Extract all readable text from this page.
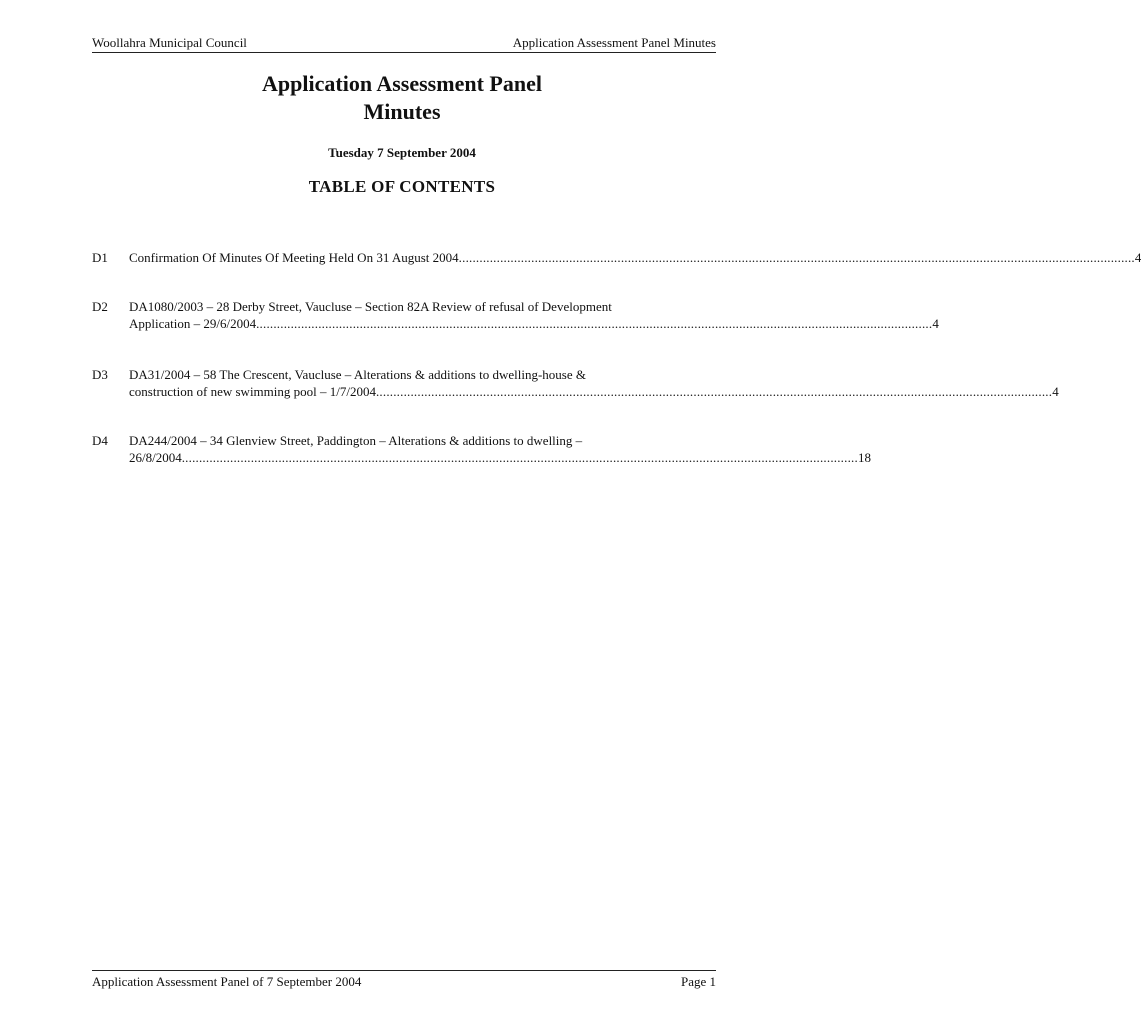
Woollahra Municipal Council	Application Assessment Panel Minutes
Application Assessment Panel
Minutes
Tuesday 7 September 2004
TABLE OF CONTENTS
D1 Confirmation Of Minutes Of Meeting Held On 31 August 2004 .................................................................................................................................................................................................... 4
D2 DA1080/2003 – 28 Derby Street, Vaucluse – Section 82A Review of refusal of Development
Application – 29/6/2004 .................................................................................................................................................................................................... 4
D3 DA31/2004 – 58 The Crescent, Vaucluse – Alterations & additions to dwelling-house &
construction of new swimming pool – 1/7/2004 .................................................................................................................................................................................................... 4
D4 DA244/2004 – 34 Glenview Street, Paddington – Alterations & additions to dwelling –
26/8/2004 .................................................................................................................................................................................................... 18
Application Assessment Panel of 7 September 2004	Page 1
